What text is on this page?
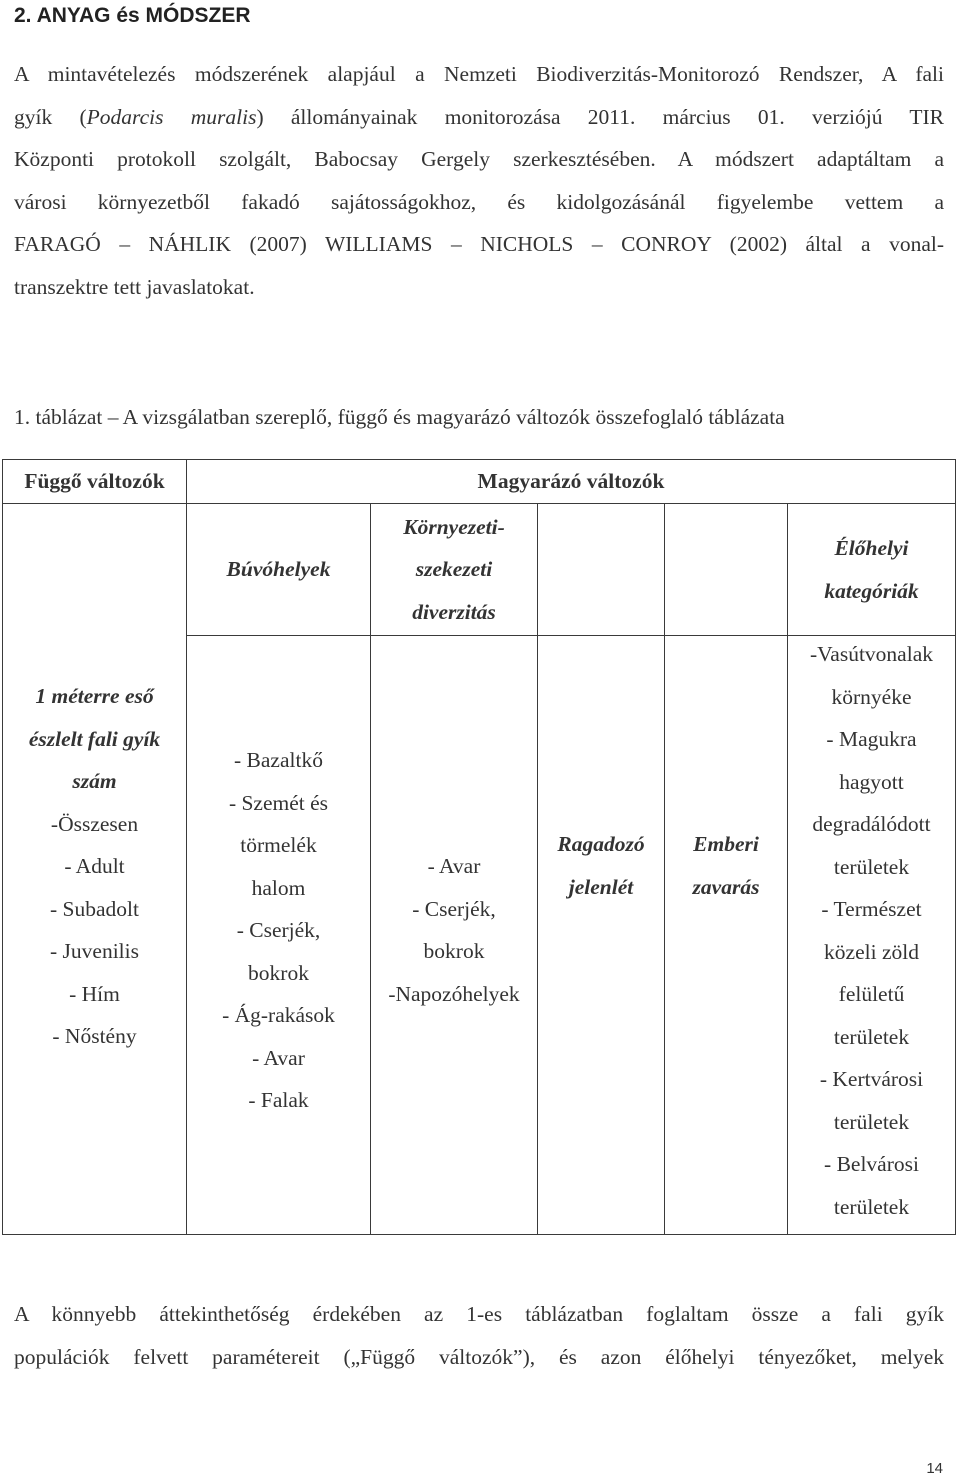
2. ANYAG és MÓDSZER
A mintavételezés módszerének alapjául a Nemzeti Biodiverzitás-Monitorozó Rendszer, A fali
gyík (Podarcis muralis) állományainak monitorozása 2011. március 01. verziójú TIR
Központi protokoll szolgált, Babocsay Gergely szerkesztésében. A módszert adaptáltam a
városi környezetből fakadó sajátosságokhoz, és kidolgozásánál figyelembe vettem a
FARAGÓ – NÁHLIK (2007) WILLIAMS – NICHOLS – CONROY (2002) által a vonal-
transzektre tett javaslatokat.
1. táblázat – A vizsgálatban szereplő, függő és magyarázó változók összefoglaló táblázata
Függő változók	Magyarázó változók
Búvóhelyek
Környezeti-
szekezeti
diverzitás
Élőhelyi
kategóriák
1 méterre eső
észlelt fali gyík
szám
-Összesen
- Adult
- Subadolt
- Juvenilis
- Hím
- Nőstény
- Bazaltkő
- Szemét és
törmelék
halom
- Cserjék,
bokrok
- Ág-rakások
- Avar
- Falak
- Avar
- Cserjék,
bokrok
-Napozóhelyek
Ragadozó
jelenlét
Emberi
zavarás
-Vasútvonalak
környéke
- Magukra
hagyott
degradálódott
területek
- Természet
közeli zöld
felületű
területek
- Kertvárosi
területek
- Belvárosi
területek
A könnyebb áttekinthetőség érdekében az 1-es táblázatban foglaltam össze a fali gyík
populációk felvett paramétereit („Függő változók”), és azon élőhelyi tényezőket, melyek
14
